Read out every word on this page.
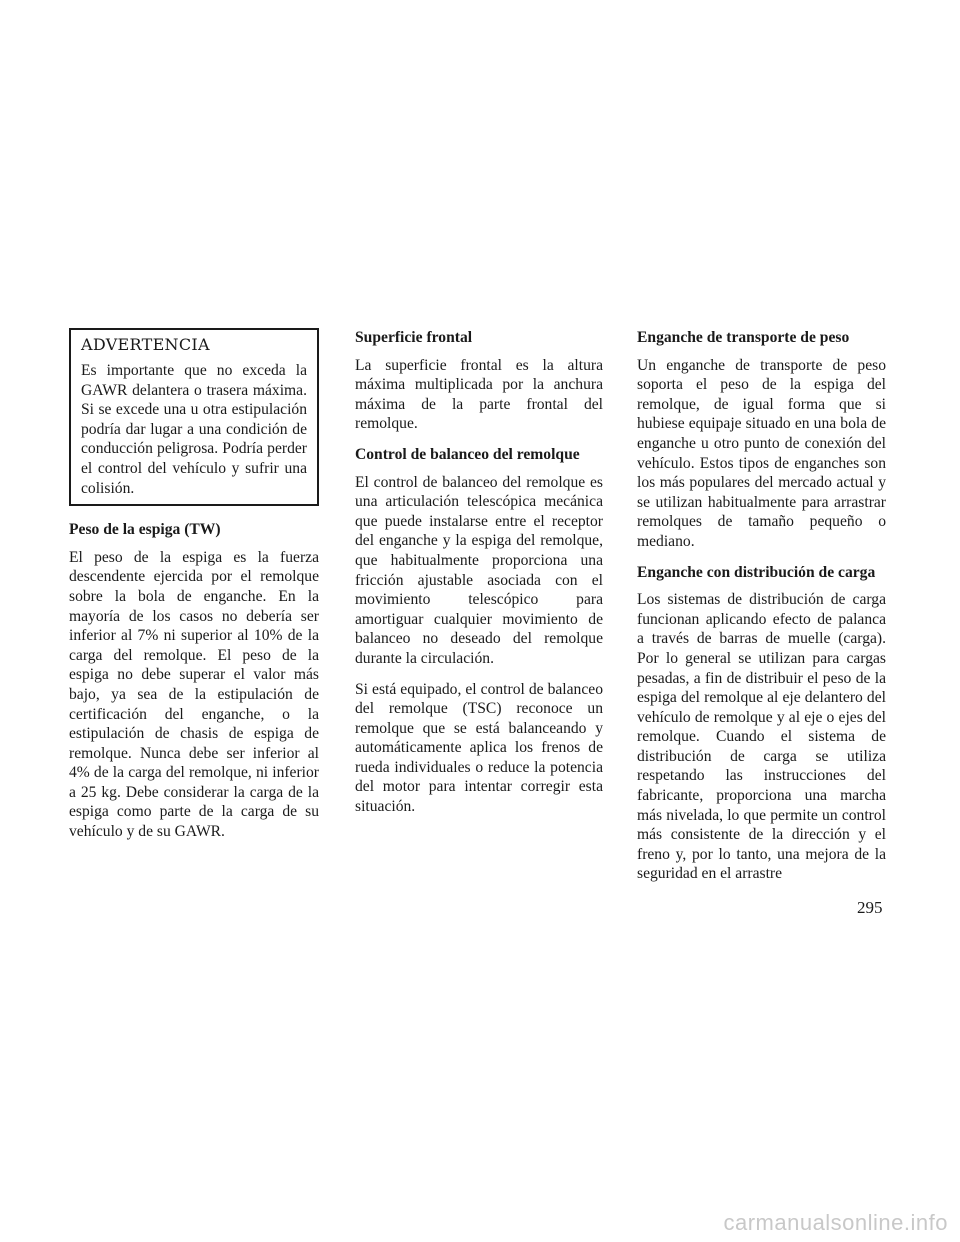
ADVERTENCIA

Es importante que no exceda la GAWR delantera o trasera máxima. Si se excede una u otra estipulación podría dar lugar a una condición de conducción peligrosa. Podría perder el control del vehículo y sufrir una colisión.

Peso de la espiga (TW)

El peso de la espiga es la fuerza descendente ejercida por el remolque sobre la bola de enganche. En la mayoría de los casos no debería ser inferior al 7% ni superior al 10% de la carga del remolque. El peso de la espiga no debe superar el valor más bajo, ya sea de la estipulación de certificación del enganche, o la estipulación de chasis de espiga de remolque. Nunca debe ser inferior al 4% de la carga del remolque, ni inferior a 25 kg. Debe considerar la carga de la espiga como parte de la carga de su vehículo y de su GAWR.

Superficie frontal

La superficie frontal es la altura máxima multiplicada por la anchura máxima de la parte frontal del remolque.

Control de balanceo del remolque

El control de balanceo del remolque es una articulación telescópica mecánica que puede instalarse entre el receptor del enganche y la espiga del remolque, que habitualmente proporciona una fricción ajustable asociada con el movimiento telescópico para amortiguar cualquier movimiento de balanceo no deseado del remolque durante la circulación.

Si está equipado, el control de balanceo del remolque (TSC) reconoce un remolque que se está balanceando y automáticamente aplica los frenos de rueda individuales o reduce la potencia del motor para intentar corregir esta situación.

Enganche de transporte de peso

Un enganche de transporte de peso soporta el peso de la espiga del remolque, de igual forma que si hubiese equipaje situado en una bola de enganche u otro punto de conexión del vehículo. Estos tipos de enganches son los más populares del mercado actual y se utilizan habitualmente para arrastrar remolques de tamaño pequeño o mediano.

Enganche con distribución de carga

Los sistemas de distribución de carga funcionan aplicando efecto de palanca a través de barras de muelle (carga). Por lo general se utilizan para cargas pesadas, a fin de distribuir el peso de la espiga del remolque al eje delantero del vehículo de remolque y al eje o ejes del remolque. Cuando el sistema de distribución de carga se utiliza respetando las instrucciones del fabricante, proporciona una marcha más nivelada, lo que permite un control más consistente de la dirección y el freno y, por lo tanto, una mejora de la seguridad en el arrastre

295
carmanualsonline.info
